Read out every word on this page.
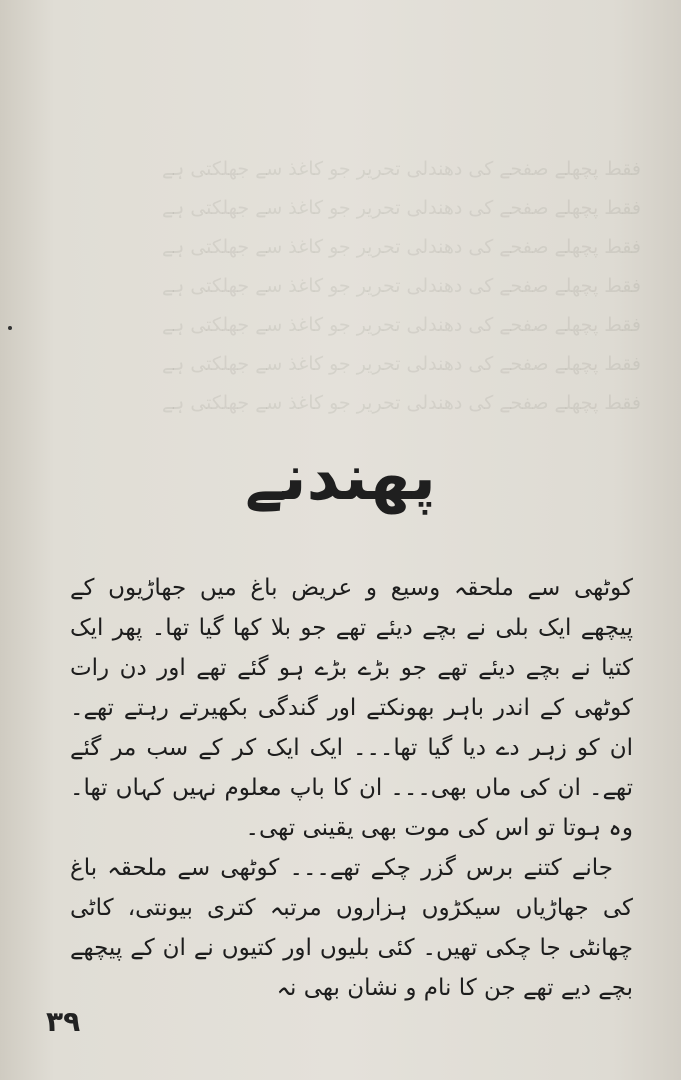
فقط پچھلے صفحے کی دھندلی تحریر جو کاغذ سے جھلکتی ہے
فقط پچھلے صفحے کی دھندلی تحریر جو کاغذ سے جھلکتی ہے
فقط پچھلے صفحے کی دھندلی تحریر جو کاغذ سے جھلکتی ہے
فقط پچھلے صفحے کی دھندلی تحریر جو کاغذ سے جھلکتی ہے
فقط پچھلے صفحے کی دھندلی تحریر جو کاغذ سے جھلکتی ہے
فقط پچھلے صفحے کی دھندلی تحریر جو کاغذ سے جھلکتی ہے
فقط پچھلے صفحے کی دھندلی تحریر جو کاغذ سے جھلکتی ہے
پھندنے

کوٹھی سے ملحقہ وسیع و عریض باغ میں جھاڑیوں کے پیچھے ایک بلی نے بچے دیئے تھے جو بلا کھا گیا تھا۔ پھر ایک کتیا نے بچے دیئے تھے جو بڑے بڑے ہو گئے تھے اور دن رات کوٹھی کے اندر باہر بھونکتے اور گندگی بکھیرتے رہتے تھے۔ ان کو زہر دے دیا گیا تھا۔۔۔ ایک ایک کر کے سب مر گئے تھے۔ ان کی ماں بھی۔۔۔ ان کا باپ معلوم نہیں کہاں تھا۔ وہ ہوتا تو اس کی موت بھی یقینی تھی۔

جانے کتنے برس گزر چکے تھے۔۔۔ کوٹھی سے ملحقہ باغ کی جھاڑیاں سیکڑوں ہزاروں مرتبہ کتری بیونتی، کاٹی چھانٹی جا چکی تھیں۔ کئی بلیوں اور کتیوں نے ان کے پیچھے بچے دیے تھے جن کا نام و نشان بھی نہ

۳۹
